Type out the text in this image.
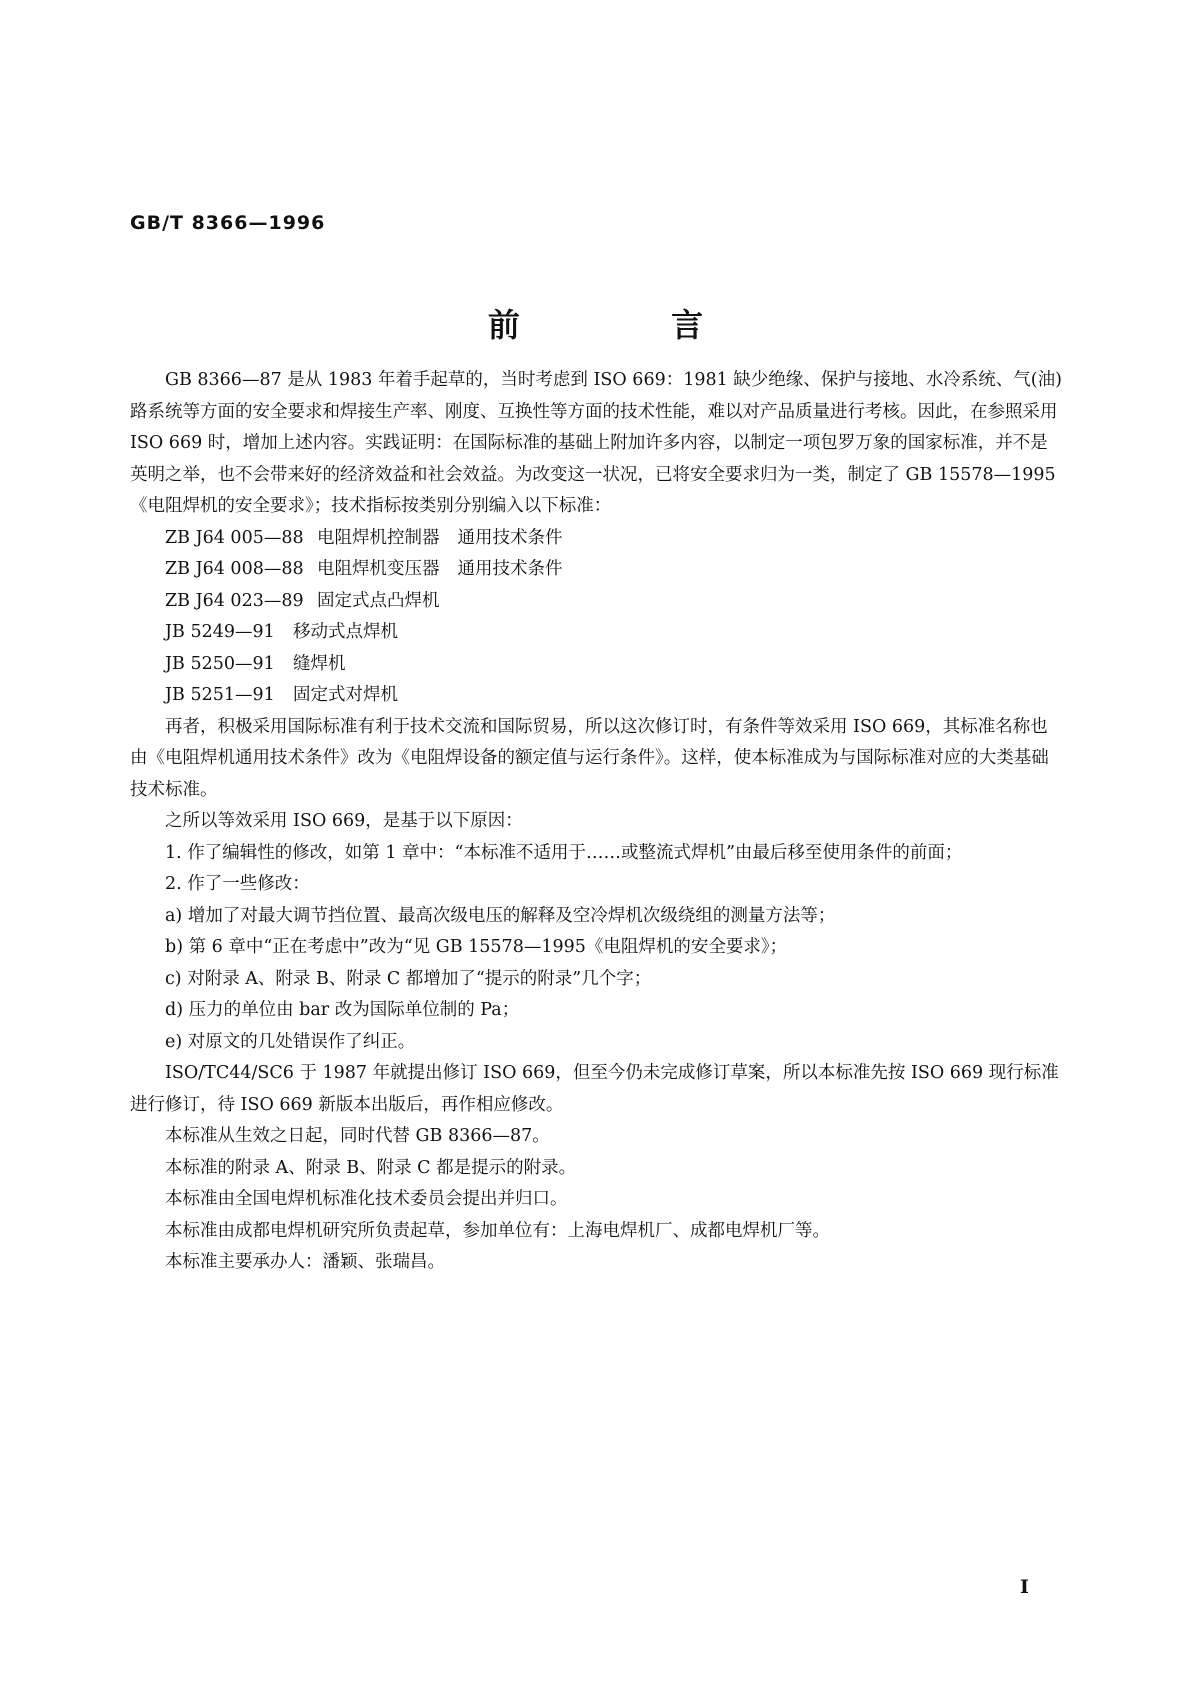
GB/T 8366—1996
前 言

GB 8366—87 是从 1983 年着手起草的，当时考虑到 ISO 669：1981 缺少绝缘、保护与接地、水冷系统、气(油)路系统等方面的安全要求和焊接生产率、刚度、互换性等方面的技术性能，难以对产品质量进行考核。因此，在参照采用 ISO 669 时，增加上述内容。实践证明：在国际标准的基础上附加许多内容，以制定一项包罗万象的国家标准，并不是英明之举，也不会带来好的经济效益和社会效益。为改变这一状况，已将安全要求归为一类，制定了 GB 15578—1995《电阻焊机的安全要求》；技术指标按类别分别编入以下标准：

ZB J64 005—88 电阻焊机控制器 通用技术条件
ZB J64 008—88 电阻焊机变压器 通用技术条件
ZB J64 023—89 固定式点凸焊机
JB 5249—91 移动式点焊机
JB 5250—91 缝焊机
JB 5251—91 固定式对焊机

再者，积极采用国际标准有利于技术交流和国际贸易，所以这次修订时，有条件等效采用 ISO 669，其标准名称也由《电阻焊机通用技术条件》改为《电阻焊设备的额定值与运行条件》。这样，使本标准成为与国际标准对应的大类基础技术标准。

之所以等效采用 ISO 669，是基于以下原因：

1. 作了编辑性的修改，如第 1 章中：“本标准不适用于……或整流式焊机”由最后移至使用条件的前面；

2. 作了一些修改：

a) 增加了对最大调节挡位置、最高次级电压的解释及空冷焊机次级绕组的测量方法等；

b) 第 6 章中“正在考虑中”改为“见 GB 15578—1995《电阻焊机的安全要求》；

c) 对附录 A、附录 B、附录 C 都增加了“提示的附录”几个字；

d) 压力的单位由 bar 改为国际单位制的 Pa；

e) 对原文的几处错误作了纠正。

ISO/TC44/SC6 于 1987 年就提出修订 ISO 669，但至今仍未完成修订草案，所以本标准先按 ISO 669 现行标准进行修订，待 ISO 669 新版本出版后，再作相应修改。

本标准从生效之日起，同时代替 GB 8366—87。

本标准的附录 A、附录 B、附录 C 都是提示的附录。

本标准由全国电焊机标准化技术委员会提出并归口。

本标准由成都电焊机研究所负责起草，参加单位有：上海电焊机厂、成都电焊机厂等。

本标准主要承办人：潘颖、张瑞昌。

I
